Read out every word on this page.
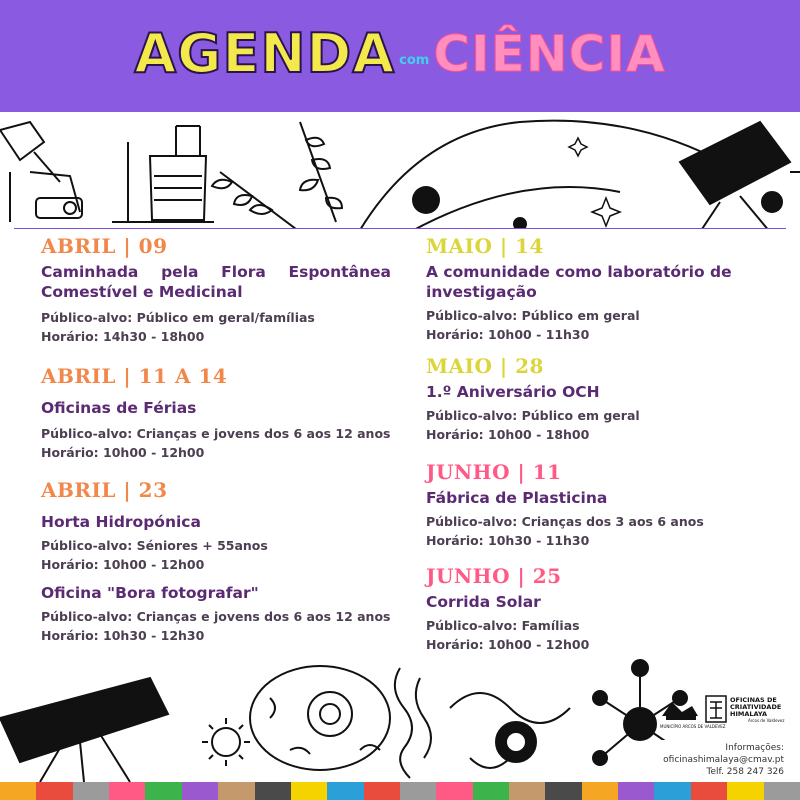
AGENDA com CIÊNCIA
ABRIL | 09
Caminhada pela Flora Espontânea Comestível e Medicinal
Público-alvo: Público em geral/famílias
Horário: 14h30 - 18h00
ABRIL | 11 A 14
Oficinas de Férias
Público-alvo: Crianças e jovens dos 6 aos 12 anos
Horário: 10h00 - 12h00
ABRIL | 23
Horta Hidropónica
Público-alvo: Séniores + 55anos
Horário: 10h00 - 12h00
Oficina "Bora fotografar"
Público-alvo: Crianças e jovens dos 6 aos 12 anos
Horário: 10h30 - 12h30
MAIO | 14
A comunidade como laboratório de investigação
Público-alvo: Público em geral
Horário: 10h00 - 11h30
MAIO | 28
1.º Aniversário OCH
Público-alvo: Público em geral
Horário: 10h00 - 18h00
JUNHO | 11
Fábrica de Plasticina
Público-alvo: Crianças dos 3 aos 6 anos
Horário: 10h30 - 11h30
JUNHO | 25
Corrida Solar
Público-alvo: Famílias
Horário: 10h00 - 12h00
MUNICÍPIO ARCOS DE VALDEVEZ
OFICINAS DE
CRIATIVIDADE
HIMALAYA
Arcos de Valdevez
Informações:
oficinashimalaya@cmav.pt
Telf. 258 247 326
